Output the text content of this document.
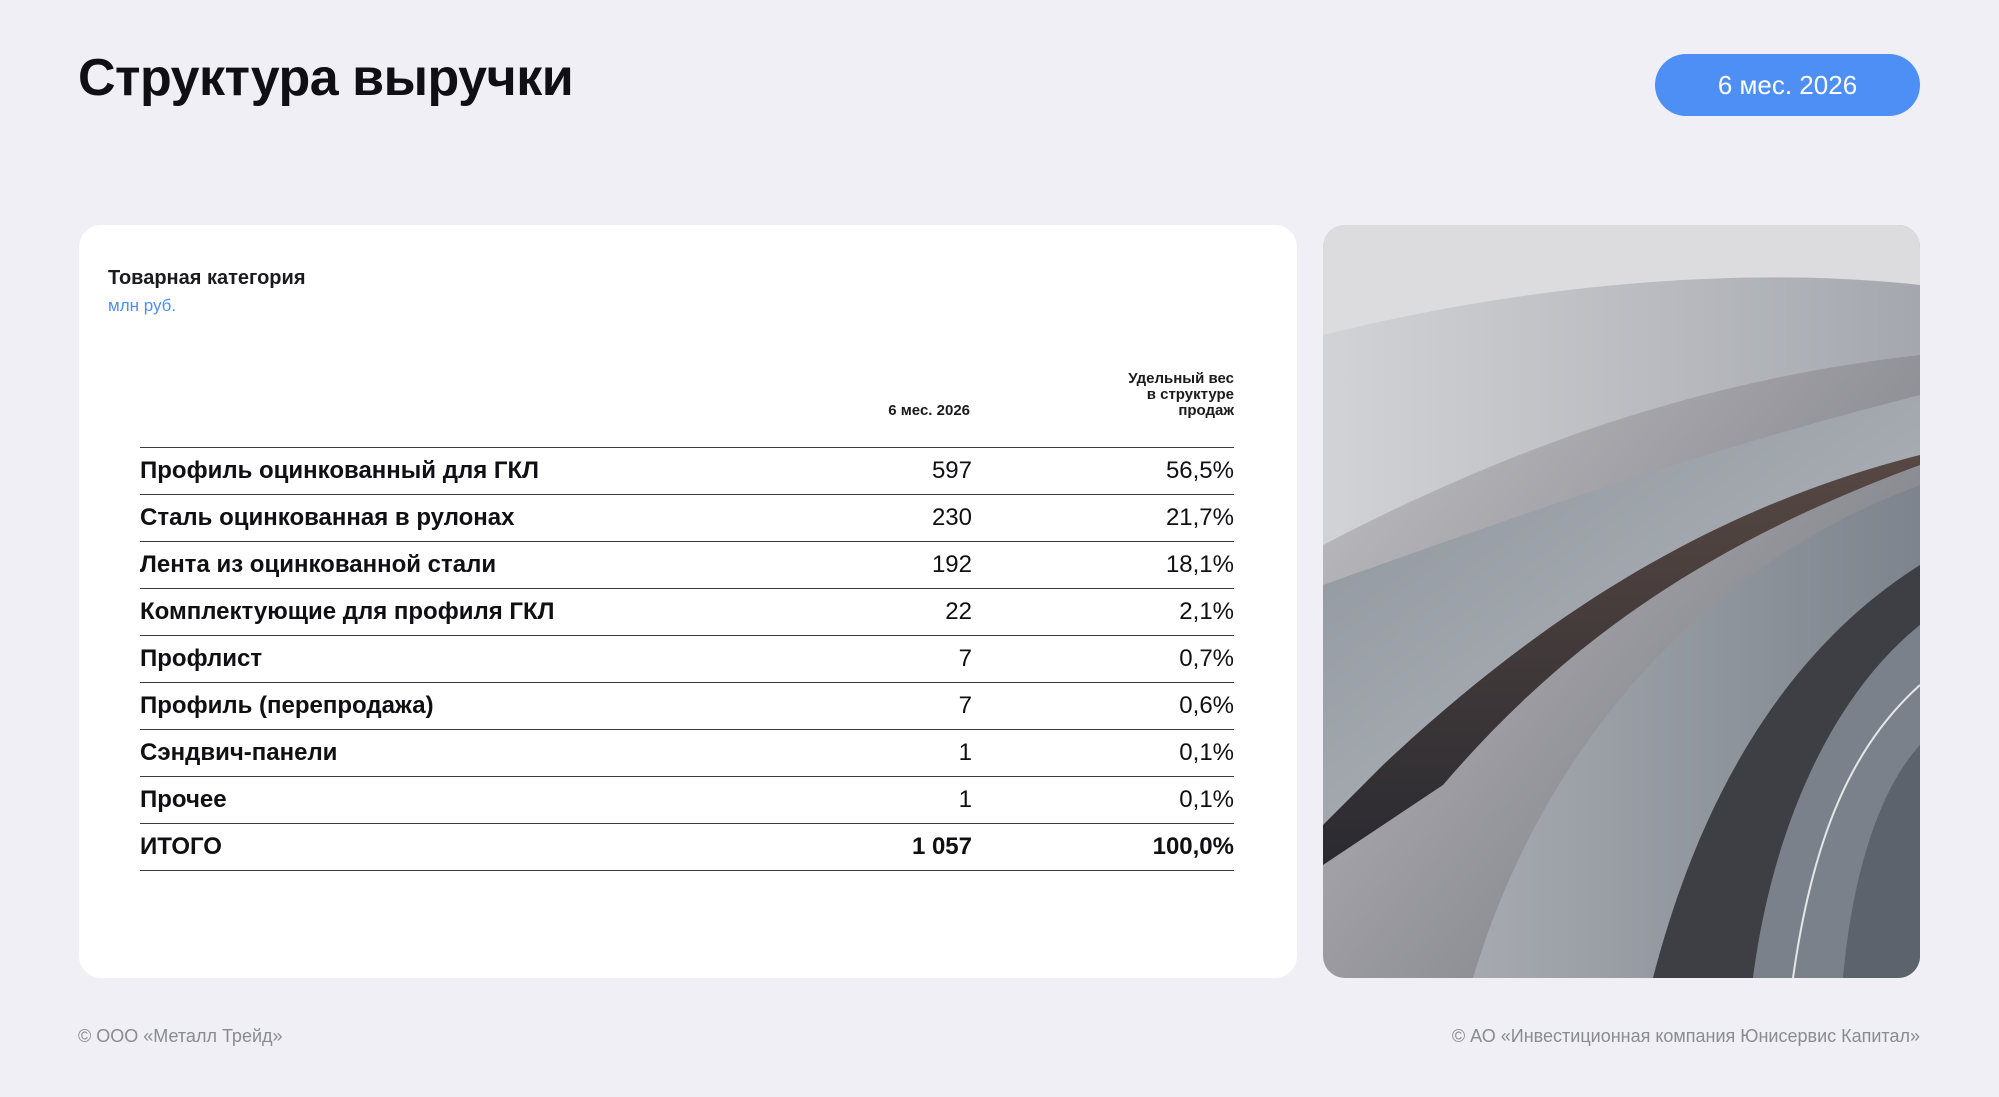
Структура выручки	6 мес. 2026
Товарная категория
млн руб.
	6 мес. 2026	Удельный вес
в структуре
продаж
Профиль оцинкованный для ГКЛ	597	56,5%
Сталь оцинкованная в рулонах	230	21,7%
Лента из оцинкованной стали	192	18,1%
Комплектующие для профиля ГКЛ	22	2,1%
Профлист	7	0,7%
Профиль (перепродажа)	7	0,6%
Сэндвич-панели	1	0,1%
Прочее	1	0,1%
ИТОГО	1 057	100,0%
© ООО «Металл Трейд»	© АО «Инвестиционная компания Юнисервис Капитал»
